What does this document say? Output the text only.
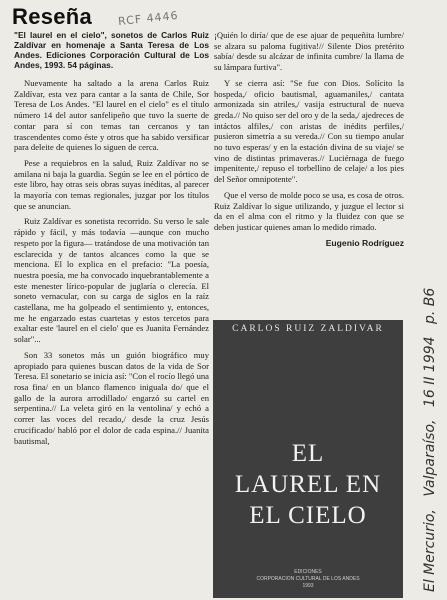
Reseña RCF 4446
"El laurel en el cielo", sonetos de Carlos Ruiz Zaldívar en homenaje a Santa Teresa de Los Andes. Ediciones Corporación Cultural de Los Andes, 1993. 54 páginas.

Nuevamente ha saltado a la arena Carlos Ruiz Zaldívar, esta vez para cantar a la santa de Chile, Sor Teresa de Los Andes. "El laurel en el cielo" es el título número 14 del autor sanfelipeño que tuvo la suerte de contar para sí con temas tan cercanos y tan trascendentes como éste y otros que ha sabido versificar para deleite de quienes lo siguen de cerca.

Pese a requiebros en la salud, Ruiz Zaldívar no se amilana ni baja la guardia. Según se lee en el pórtico de este libro, hay otras seis obras suyas inéditas, al parecer la mayoría con temas regionales, juzgar por los títulos que se anuncian.

Ruiz Zaldívar es sonetista recorrido. Su verso le sale rápido y fácil, y más todavía —aunque con mucho respeto por la figura— tratándose de una motivación tan esclarecida y de tantos alcances como la que se menciona. El lo explica en el prefacio: "La poesía, nuestra poesía, me ha convocado inquebrantablemente a este menester lírico-popular de juglaría o clerecía. El soneto vernacular, con su carga de siglos en la raíz castellana, me ha golpeado el sentimiento y, entonces, me he engarzado estas cuartetas y estos tercetos para exaltar este 'laurel en el cielo' que es Juanita Fernández solar"...

Son 33 sonetos más un guión biográfico muy apropiado para quienes buscan datos de la vida de Sor Teresa. El sonetario se inicia así: "Con el rocío llegó una rosa fina/ en un blanco flamenco iniguala do/ que el gallo de la aurora arrodillado/ engarzó su cartel en serpentina.// La veleta giró en la ventolina/ y echó a correr las voces del recado,/ desde la cruz Jesús crucificado/ habló por el dolor de cada espina.// Juanita bautismal,

¡Quién lo diría/ que de ese ajuar de pequeñita lumbre/ se alzara su paloma fugitiva!// Silente Dios pretérito sabía/ desde su alcázar de infinita cumbre/ la llama de su lámpara furtiva".

Y se cierra así: "Se fue con Dios. Solícito la hospeda,/ oficio bautismal, aguamaniles,/ cantata armonizada sin atriles,/ vasija estructural de nueva greda.// No quiso ser del oro y de la seda,/ ajedreces de intáctos alfiles,/ con aristas de inédits perfiles,/ pusieron simetría a su vereda.// Con su tiempo anular no tuvo esperas/ y en la estación divina de su viaje/ se vino de distintas primaveras.// Luciérnaga de fuego impenitente,/ repuso el torbellino de celaje/ a los pies del Señor omnipotente".

Que el verso de molde poco se usa, es cosa de otros. Ruiz Zaldívar lo sigue utilizando, y juzgue el lector si da en el alma con el ritmo y la fluidez con que se deben justicar quienes aman lo medido rimado.

Eugenio Rodríguez
CARLOS RUIZ ZALDIVAR
EL
LAUREL EN
EL CIELO
EDICIONES
CORPORACION CULTURAL DE LOS ANDES
1993	El Mercurio, Valparaíso, 16 II 1994 p. B6
